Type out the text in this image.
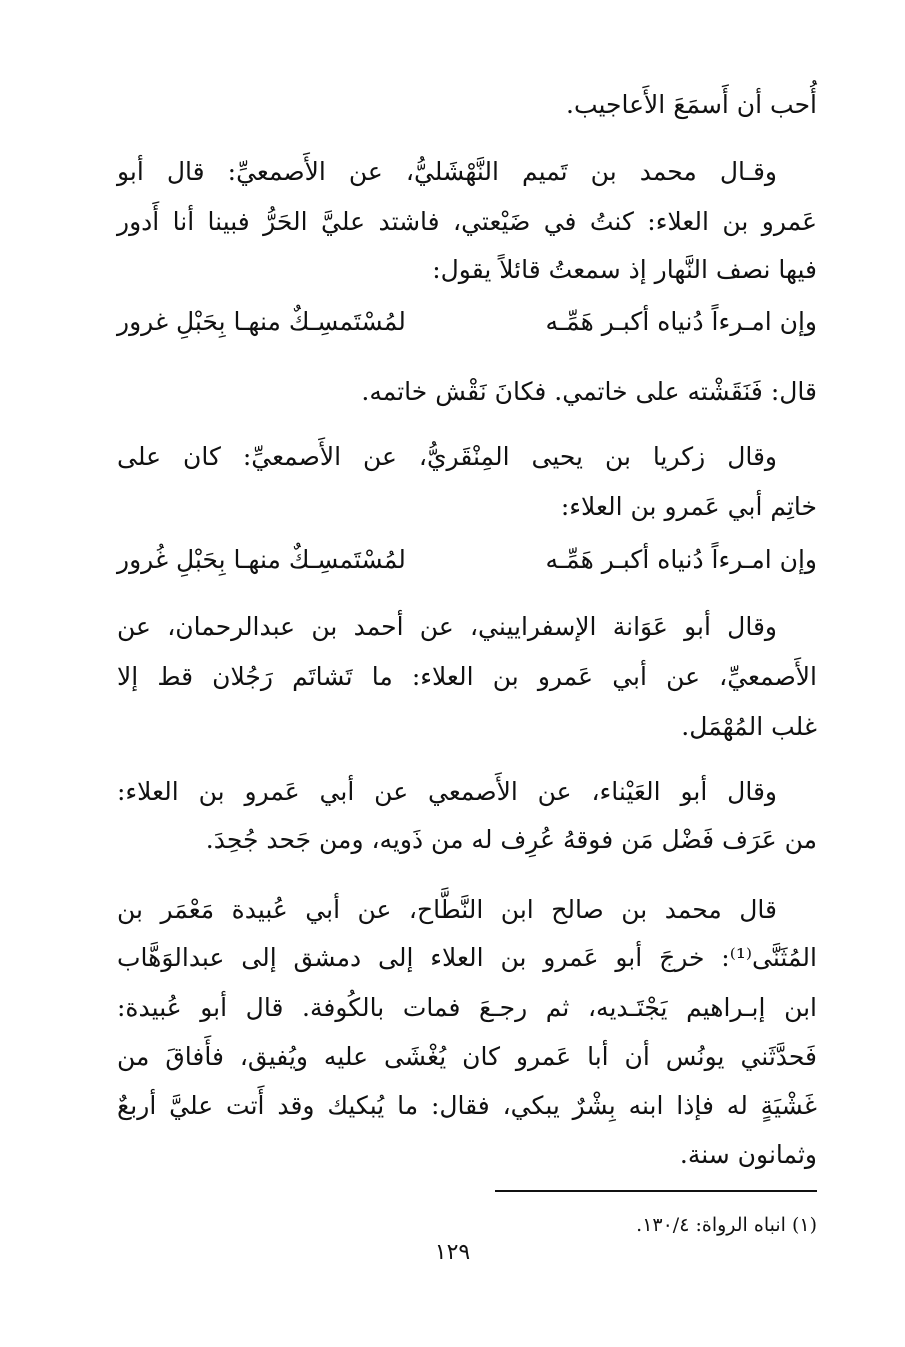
أُحب أن أَسمَعَ الأَعاجيب.
وقـال محمد بن تَميم النَّهْشَليُّ، عن الأَصمعيِّ: قال أبو
عَمرو بن العلاء: كنتُ في ضَيْعتي، فاشتد عليَّ الحَرُّ فبينا أنا أَدور
فيها نصف النَّهار إذ سمعتُ قائلاً يقول:
وإن امـرءاً دُنياه أكبـر هَمِّـه
لمُسْتَمسِـكٌ منهـا بِحَبْلِ غرور
قال: فَنَقَشْته على خاتمي. فكانَ نَقْش خاتمه.
وقال زكريا بن يحيى المِنْقَريُّ، عن الأَصمعيِّ: كان على
خاتِم أبي عَمرو بن العلاء:
وإن امـرءاً دُنياه أكبـر هَمِّـه
لمُسْتَمسِـكٌ منهـا بِحَبْلِ غُرور
وقال أبو عَوَانة الإسفراييني، عن أحمد بن عبدالرحمان، عن
الأَصمعيِّ، عن أبي عَمرو بن العلاء: ما تَشاتَم رَجُلان قط إلا
غلب المُهْمَل.
وقال أبو العَيْناء، عن الأَصمعي عن أبي عَمرو بن العلاء:
من عَرَف فَضْل مَن فوقهُ عُرِف له من ذَويه، ومن جَحد جُحِدَ.
قال محمد بن صالح ابن النَّطَّاح، عن أبي عُبيدة مَعْمَر بن
المُثَنَّى⁽¹⁾: خرجَ أبو عَمرو بن العلاء إلى دمشق إلى عبدالوَهَّاب
ابن إبـراهيم يَجْتَـديه، ثم رجـعَ فمات بالكُوفة. قال أبو عُبيدة:
فَحدَّثَني يونُس أن أبا عَمرو كان يُغْشَى عليه ويُفيق، فأَفاقَ من
غَشْيَةٍ له فإذا ابنه بِشْرٌ يبكي، فقال: ما يُبكيك وقد أَتت عليَّ أربعٌ
وثمانون سنة.
(١) انباه الرواة: ١٣٠/٤.
١٢٩
